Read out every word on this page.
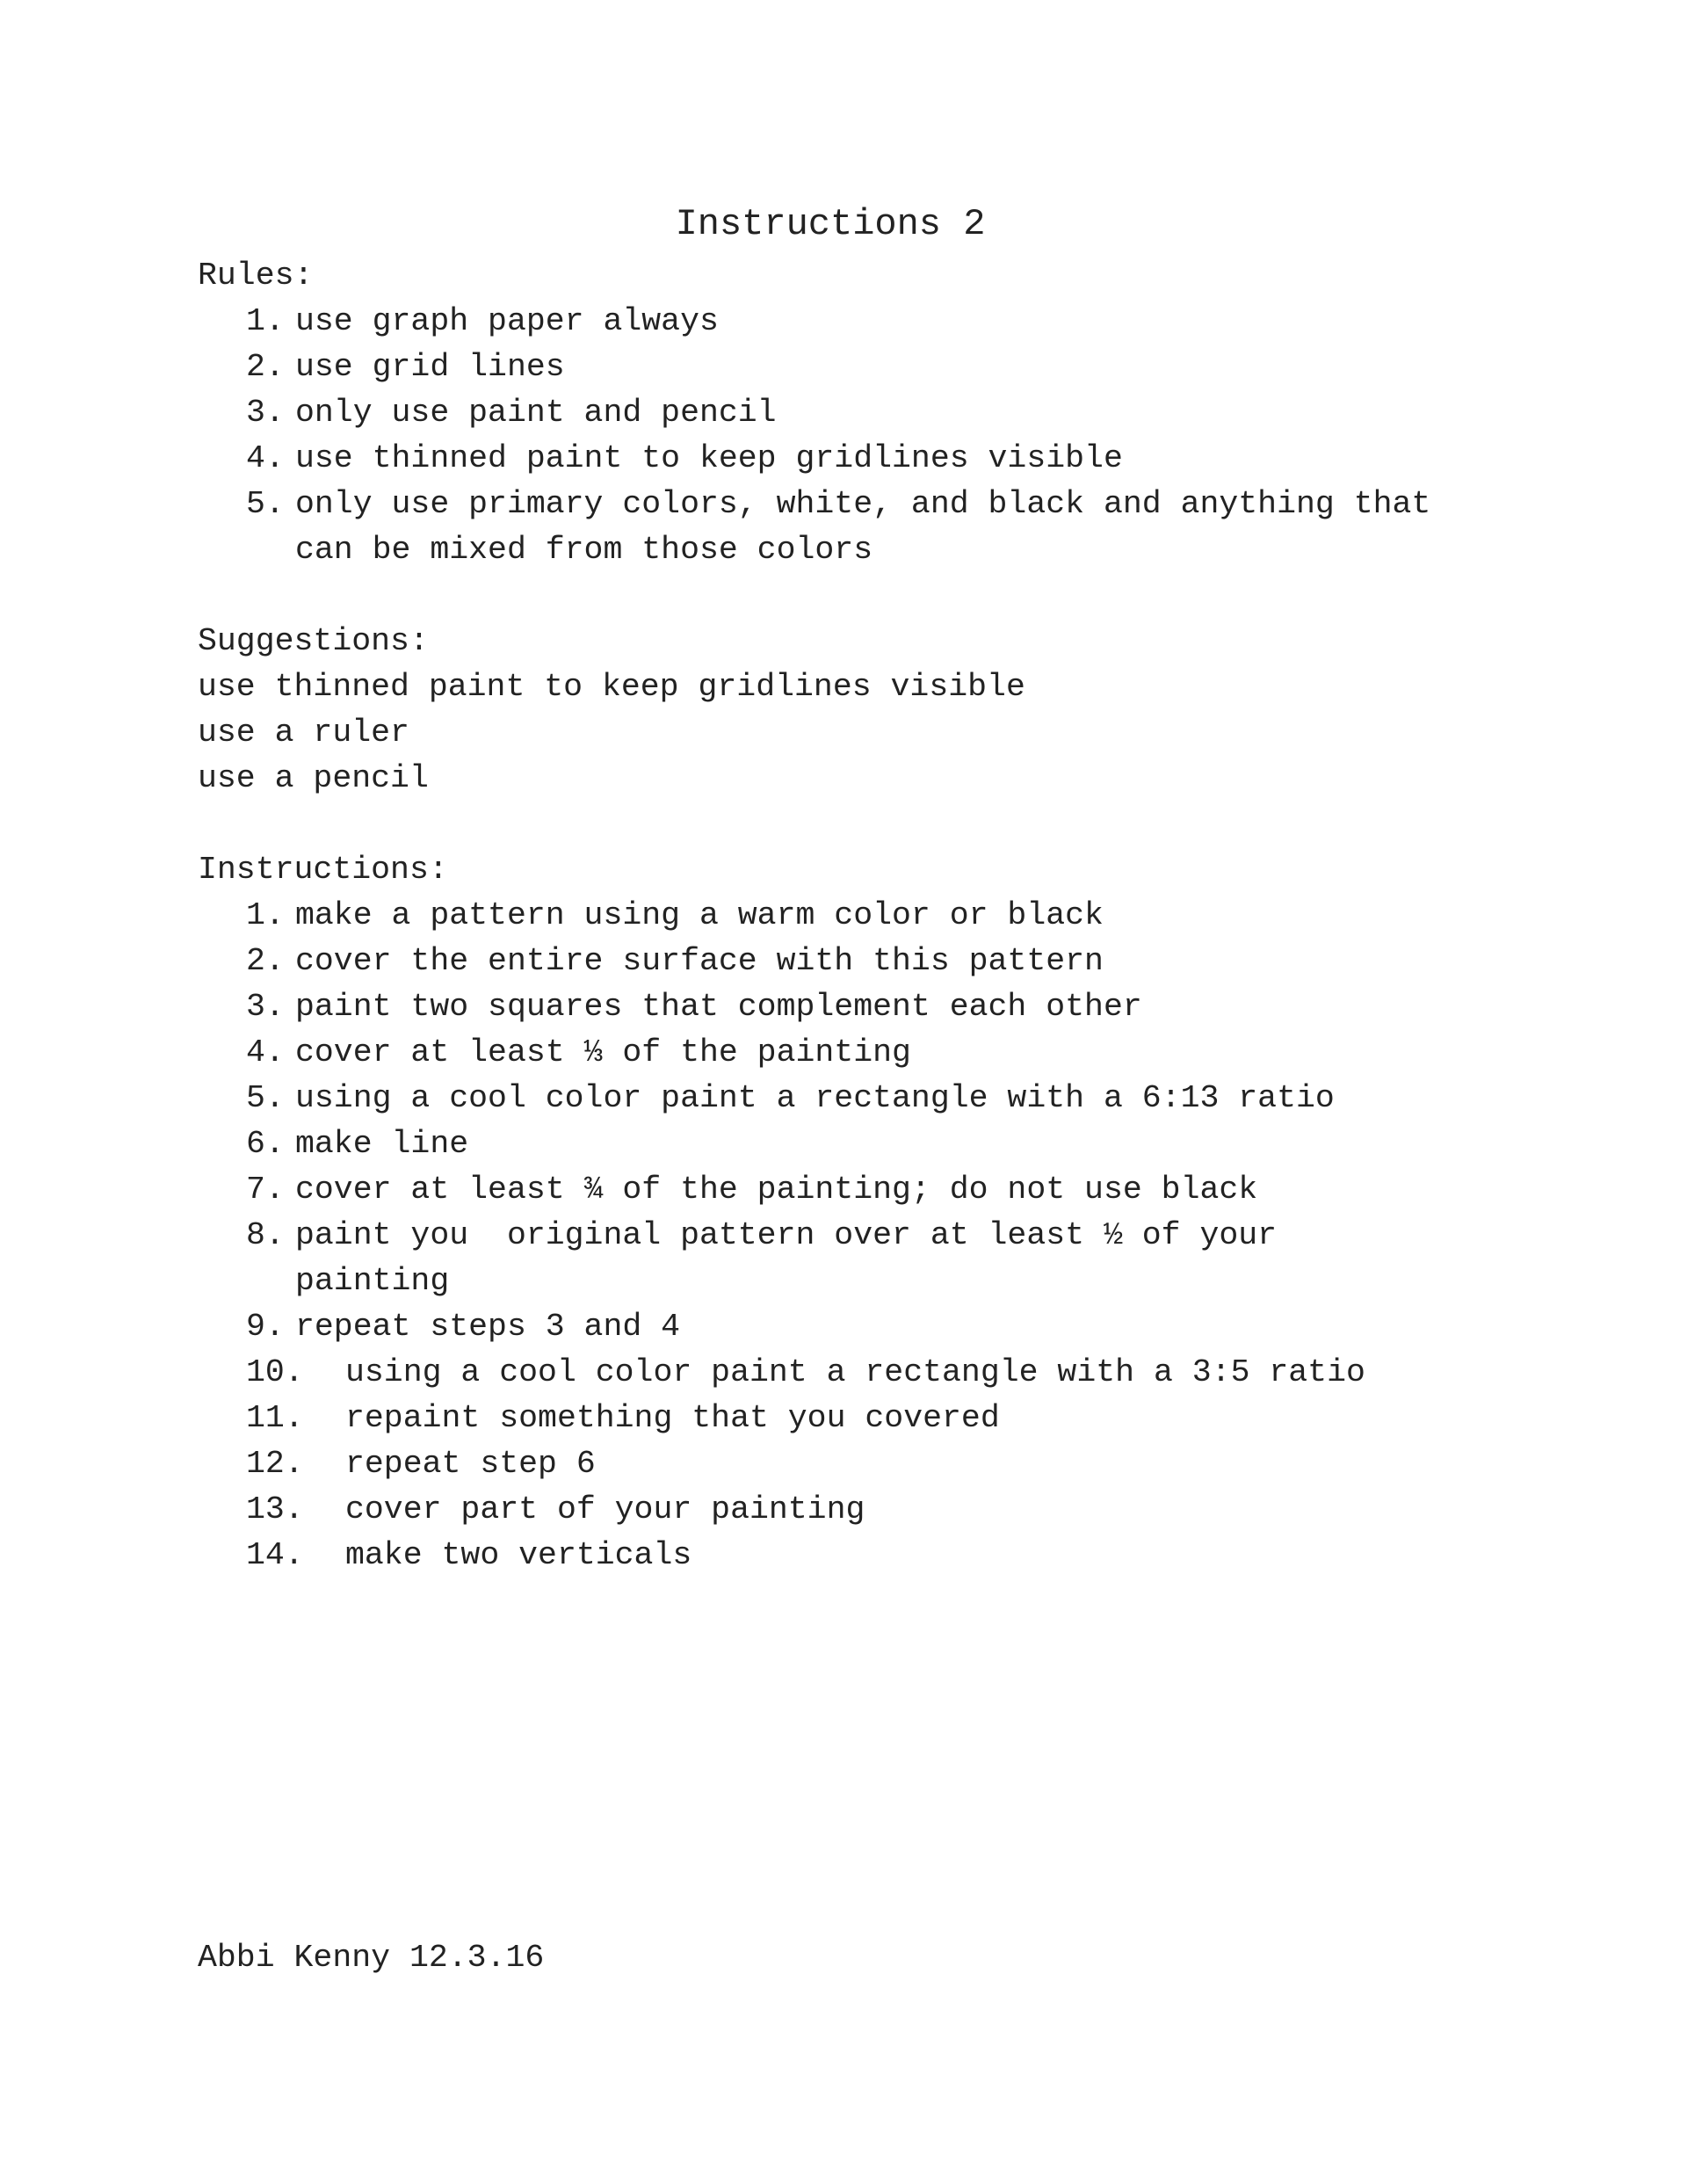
Instructions 2
Rules:
1. use graph paper always
2. use grid lines
3. only use paint and pencil
4. use thinned paint to keep gridlines visible
5. only use primary colors, white, and black and anything that
can be mixed from those colors
Suggestions:
use thinned paint to keep gridlines visible
use a ruler
use a pencil
Instructions:
1. make a pattern using a warm color or black
2. cover the entire surface with this pattern
3. paint two squares that complement each other
4. cover at least ⅓ of the painting
5. using a cool color paint a rectangle with a 6:13 ratio
6. make line
7. cover at least ¾ of the painting; do not use black
8. paint you  original pattern over at least ½ of your
painting
9. repeat steps 3 and 4
10. using a cool color paint a rectangle with a 3:5 ratio
11. repaint something that you covered
12. repeat step 6
13. cover part of your painting
14. make two verticals
Abbi Kenny 12.3.16
